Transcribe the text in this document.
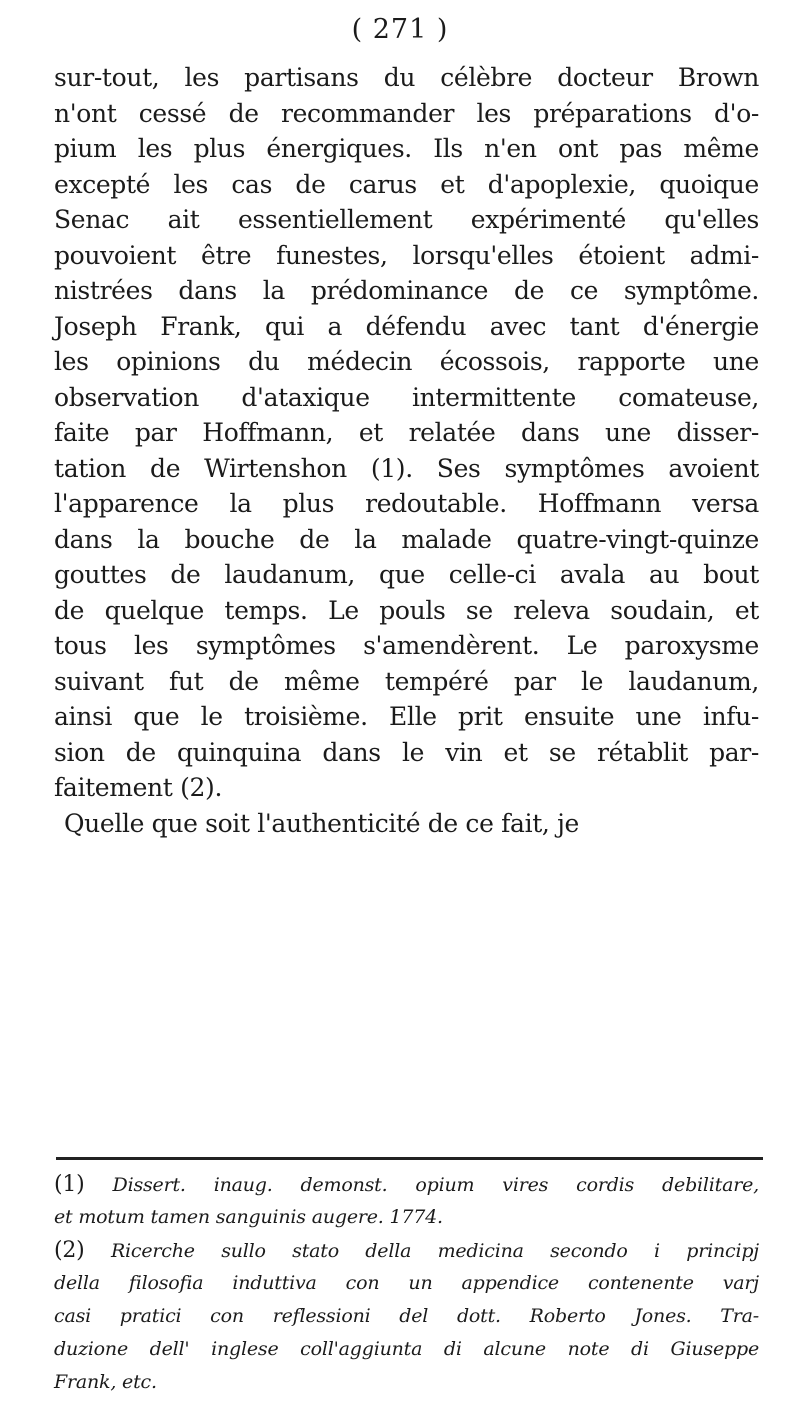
( 271 )
sur-tout, les partisans du célèbre docteur Brown
n'ont cessé de recommander les préparations d'o-
pium les plus énergiques. Ils n'en ont pas même
excepté les cas de carus et d'apoplexie, quoique
Senac ait essentiellement expérimenté qu'elles
pouvoient être funestes, lorsqu'elles étoient admi-
nistrées dans la prédominance de ce symptôme.
Joseph Frank, qui a défendu avec tant d'énergie
les opinions du médecin écossois, rapporte une
observation d'ataxique intermittente comateuse,
faite par Hoffmann, et relatée dans une disser-
tation de Wirtenshon (1). Ses symptômes avoient
l'apparence la plus redoutable. Hoffmann versa
dans la bouche de la malade quatre-vingt-quinze
gouttes de laudanum, que celle-ci avala au bout
de quelque temps. Le pouls se releva soudain, et
tous les symptômes s'amendèrent. Le paroxysme
suivant fut de même tempéré par le laudanum,
ainsi que le troisième. Elle prit ensuite une infu-
sion de quinquina dans le vin et se rétablit par-
faitement (2).
Quelle que soit l'authenticité de ce fait, je
(1) Dissert. inaug. demonst. opium vires cordis debilitare,
et motum tamen sanguinis augere. 1774.
(2) Ricerche sullo stato della medicina secondo i principj
della filosofia induttiva con un appendice contenente varj
casi pratici con reflessioni del dott. Roberto Jones. Tra-
duzione dell' inglese coll'aggiunta di alcune note di Giuseppe
Frank, etc.
